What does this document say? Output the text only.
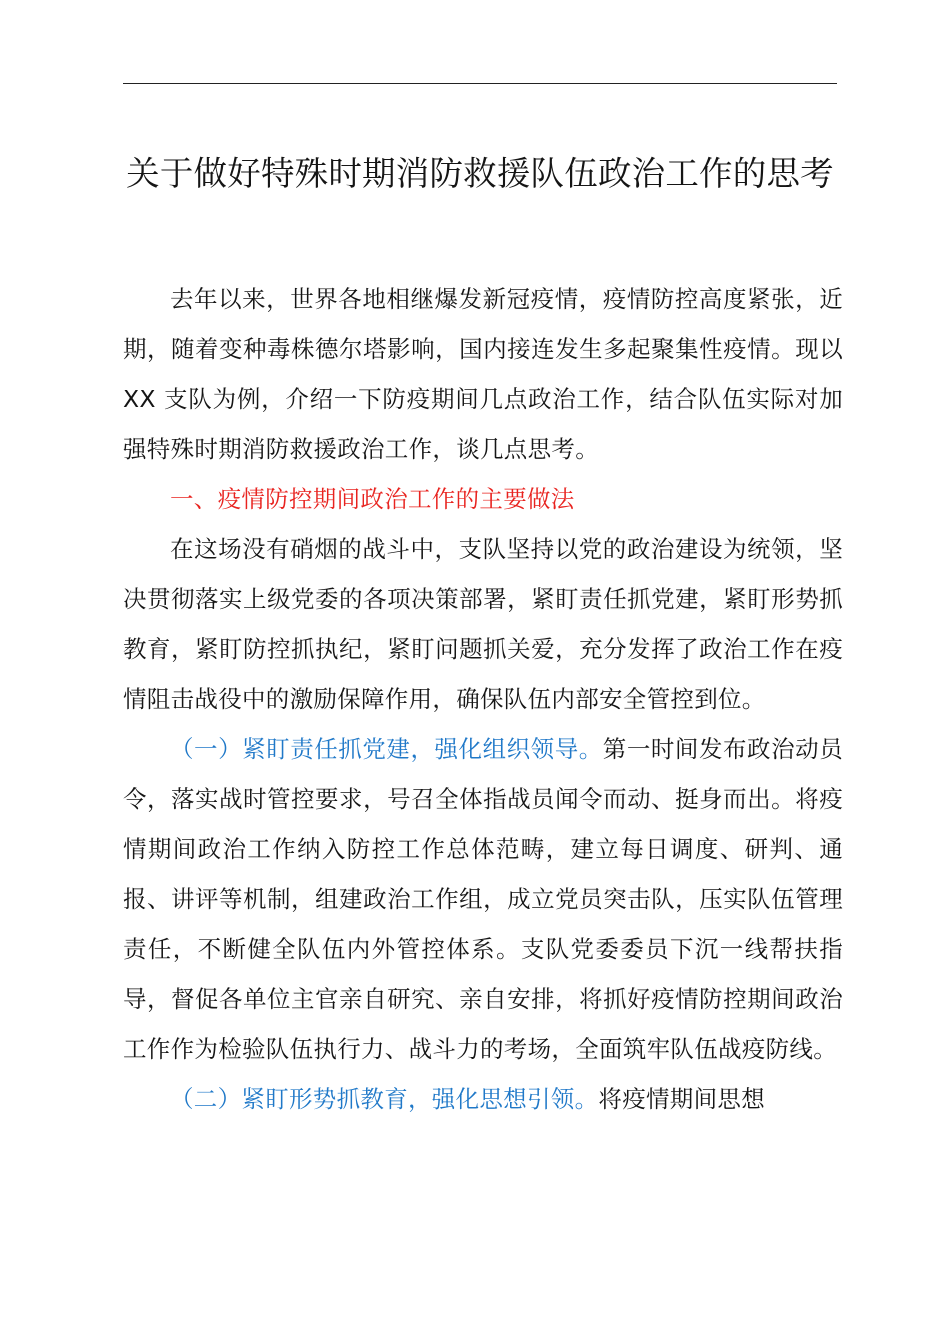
关于做好特殊时期消防救援队伍政治工作的思考

去年以来，世界各地相继爆发新冠疫情，疫情防控高度紧张，近期，随着变种毒株德尔塔影响，国内接连发生多起聚集性疫情。现以 XX 支队为例，介绍一下防疫期间几点政治工作，结合队伍实际对加强特殊时期消防救援政治工作，谈几点思考。

一、疫情防控期间政治工作的主要做法

在这场没有硝烟的战斗中，支队坚持以党的政治建设为统领，坚决贯彻落实上级党委的各项决策部署，紧盯责任抓党建，紧盯形势抓教育，紧盯防控抓执纪，紧盯问题抓关爱，充分发挥了政治工作在疫情阻击战役中的激励保障作用，确保队伍内部安全管控到位。

（一）紧盯责任抓党建，强化组织领导。第一时间发布政治动员令，落实战时管控要求，号召全体指战员闻令而动、挺身而出。将疫情期间政治工作纳入防控工作总体范畴，建立每日调度、研判、通报、讲评等机制，组建政治工作组，成立党员突击队，压实队伍管理责任，不断健全队伍内外管控体系。支队党委委员下沉一线帮扶指导，督促各单位主官亲自研究、亲自安排，将抓好疫情防控期间政治工作作为检验队伍执行力、战斗力的考场，全面筑牢队伍战疫防线。

（二）紧盯形势抓教育，强化思想引领。将疫情期间思想
